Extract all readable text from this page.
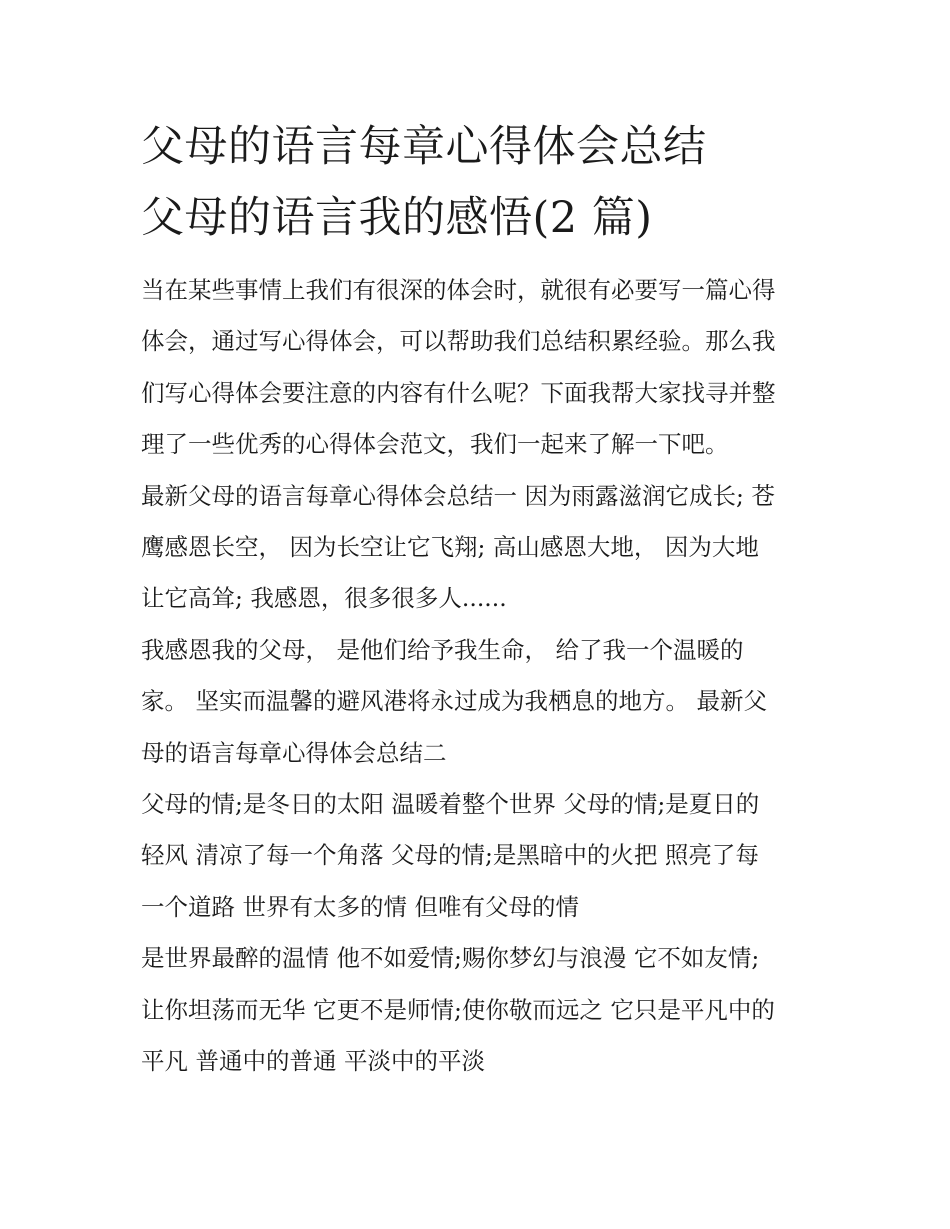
父母的语言每章心得体会总结
父母的语言我的感悟(2 篇)

当在某些事情上我们有很深的体会时，就很有必要写一篇心得
体会，通过写心得体会，可以帮助我们总结积累经验。那么我
们写心得体会要注意的内容有什么呢？下面我帮大家找寻并整
理了一些优秀的心得体会范文，我们一起来了解一下吧。

最新父母的语言每章心得体会总结一 因为雨露滋润它成长; 苍
鹰感恩长空， 因为长空让它飞翔; 高山感恩大地， 因为大地
让它高耸; 我感恩，很多很多人......

我感恩我的父母， 是他们给予我生命， 给了我一个温暖的
家。 坚实而温馨的避风港将永过成为我栖息的地方。 最新父
母的语言每章心得体会总结二

父母的情;是冬日的太阳 温暖着整个世界 父母的情;是夏日的
轻风 清凉了每一个角落 父母的情;是黑暗中的火把 照亮了每
一个道路 世界有太多的情 但唯有父母的情

是世界最醉的温情 他不如爱情;赐你梦幻与浪漫 它不如友情;
让你坦荡而无华 它更不是师情;使你敬而远之 它只是平凡中的
平凡 普通中的普通 平淡中的平淡
